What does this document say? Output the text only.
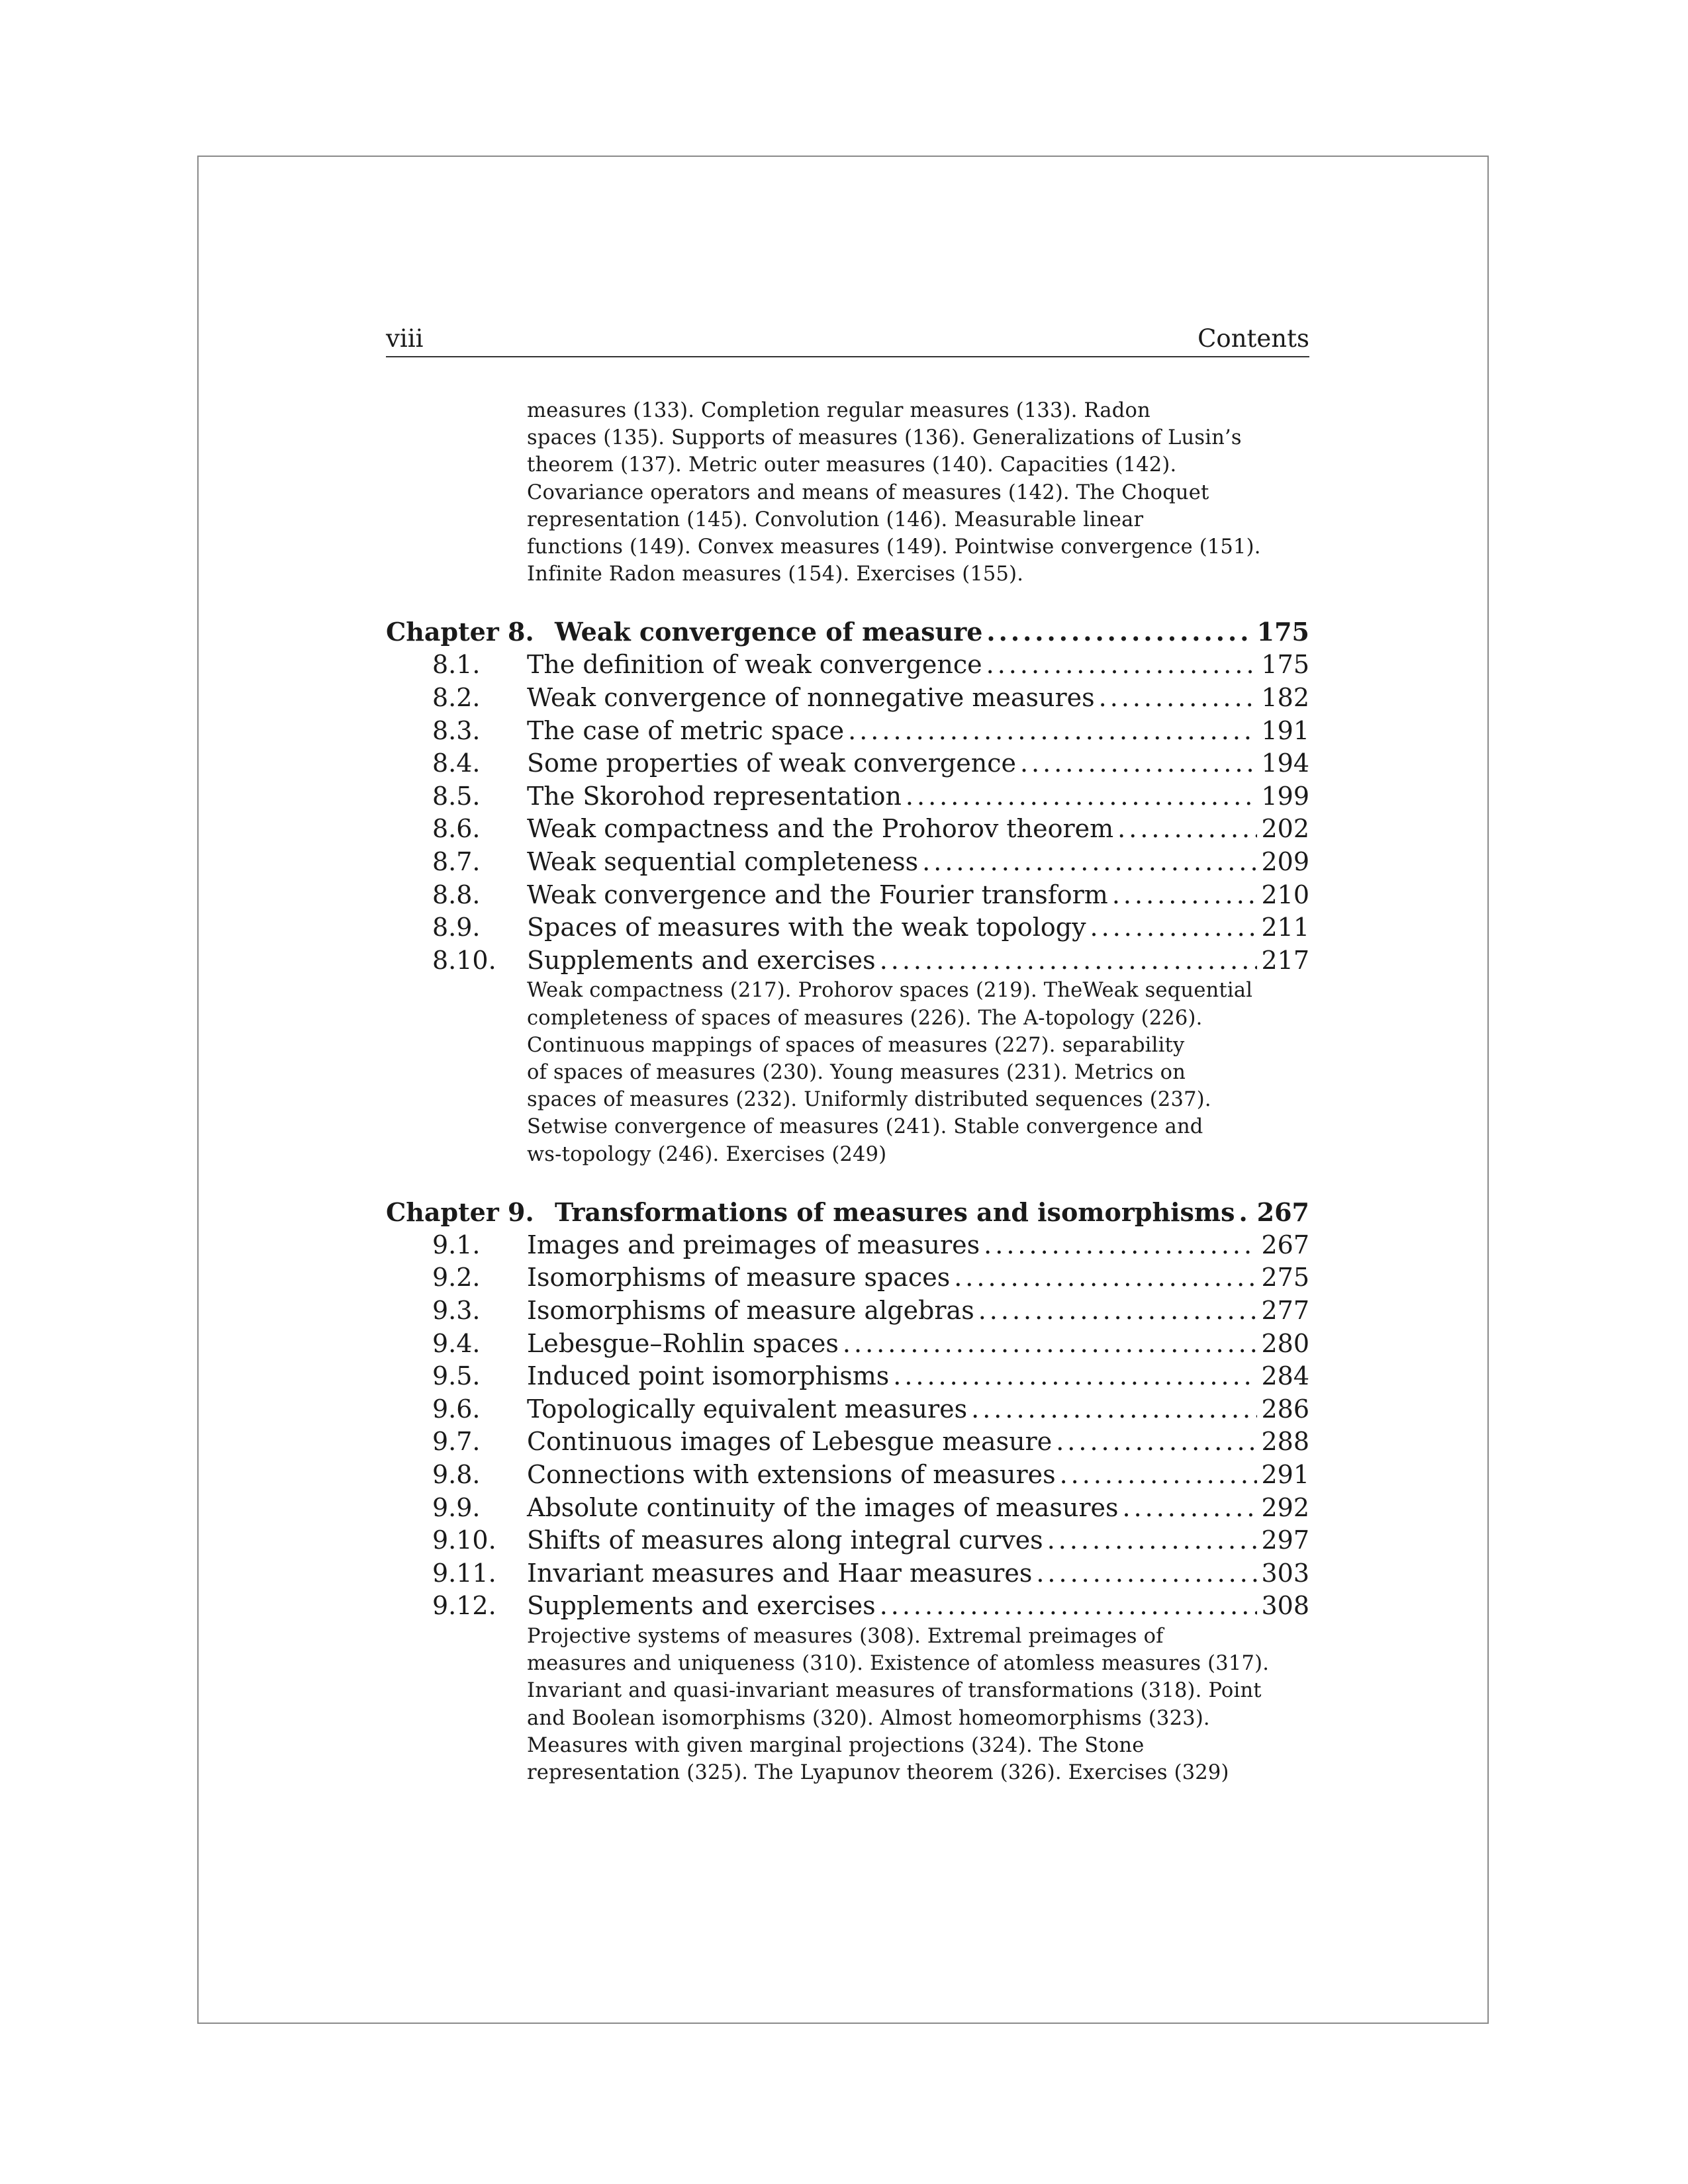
viii	Contents
measures (133). Completion regular measures (133). Radon
spaces (135). Supports of measures (136). Generalizations of Lusin’s
theorem (137). Metric outer measures (140). Capacities (142).
Covariance operators and means of measures (142). The Choquet
representation (145). Convolution (146). Measurable linear
functions (149). Convex measures (149). Pointwise convergence (151).
Infinite Radon measures (154). Exercises (155).
Chapter 8. Weak convergence of measure .....	175
8.1.	The definition of weak convergence .....	175
8.2.	Weak convergence of nonnegative measures .....	182
8.3.	The case of metric space .....	191
8.4.	Some properties of weak convergence .....	194
8.5.	The Skorohod representation .....	199
8.6.	Weak compactness and the Prohorov theorem .....	202
8.7.	Weak sequential completeness .....	209
8.8.	Weak convergence and the Fourier transform .....	210
8.9.	Spaces of measures with the weak topology .....	211
8.10.	Supplements and exercises .....	217
Weak compactness (217). Prohorov spaces (219). TheWeak sequential
completeness of spaces of measures (226). The A-topology (226).
Continuous mappings of spaces of measures (227). separability
of spaces of measures (230). Young measures (231). Metrics on
spaces of measures (232). Uniformly distributed sequences (237).
Setwise convergence of measures (241). Stable convergence and
ws-topology (246). Exercises (249)
Chapter 9. Transformations of measures and isomorphisms ..... 267
9.1.	Images and preimages of measures .....	267
9.2.	Isomorphisms of measure spaces .....	275
9.3.	Isomorphisms of measure algebras .....	277
9.4.	Lebesgue–Rohlin spaces .....	280
9.5.	Induced point isomorphisms .....	284
9.6.	Topologically equivalent measures .....	286
9.7.	Continuous images of Lebesgue measure .....	288
9.8.	Connections with extensions of measures .....	291
9.9.	Absolute continuity of the images of measures .....	292
9.10.	Shifts of measures along integral curves .....	297
9.11.	Invariant measures and Haar measures .....	303
9.12.	Supplements and exercises .....	308
Projective systems of measures (308). Extremal preimages of
measures and uniqueness (310). Existence of atomless measures (317).
Invariant and quasi-invariant measures of transformations (318). Point
and Boolean isomorphisms (320). Almost homeomorphisms (323).
Measures with given marginal projections (324). The Stone
representation (325). The Lyapunov theorem (326). Exercises (329)
